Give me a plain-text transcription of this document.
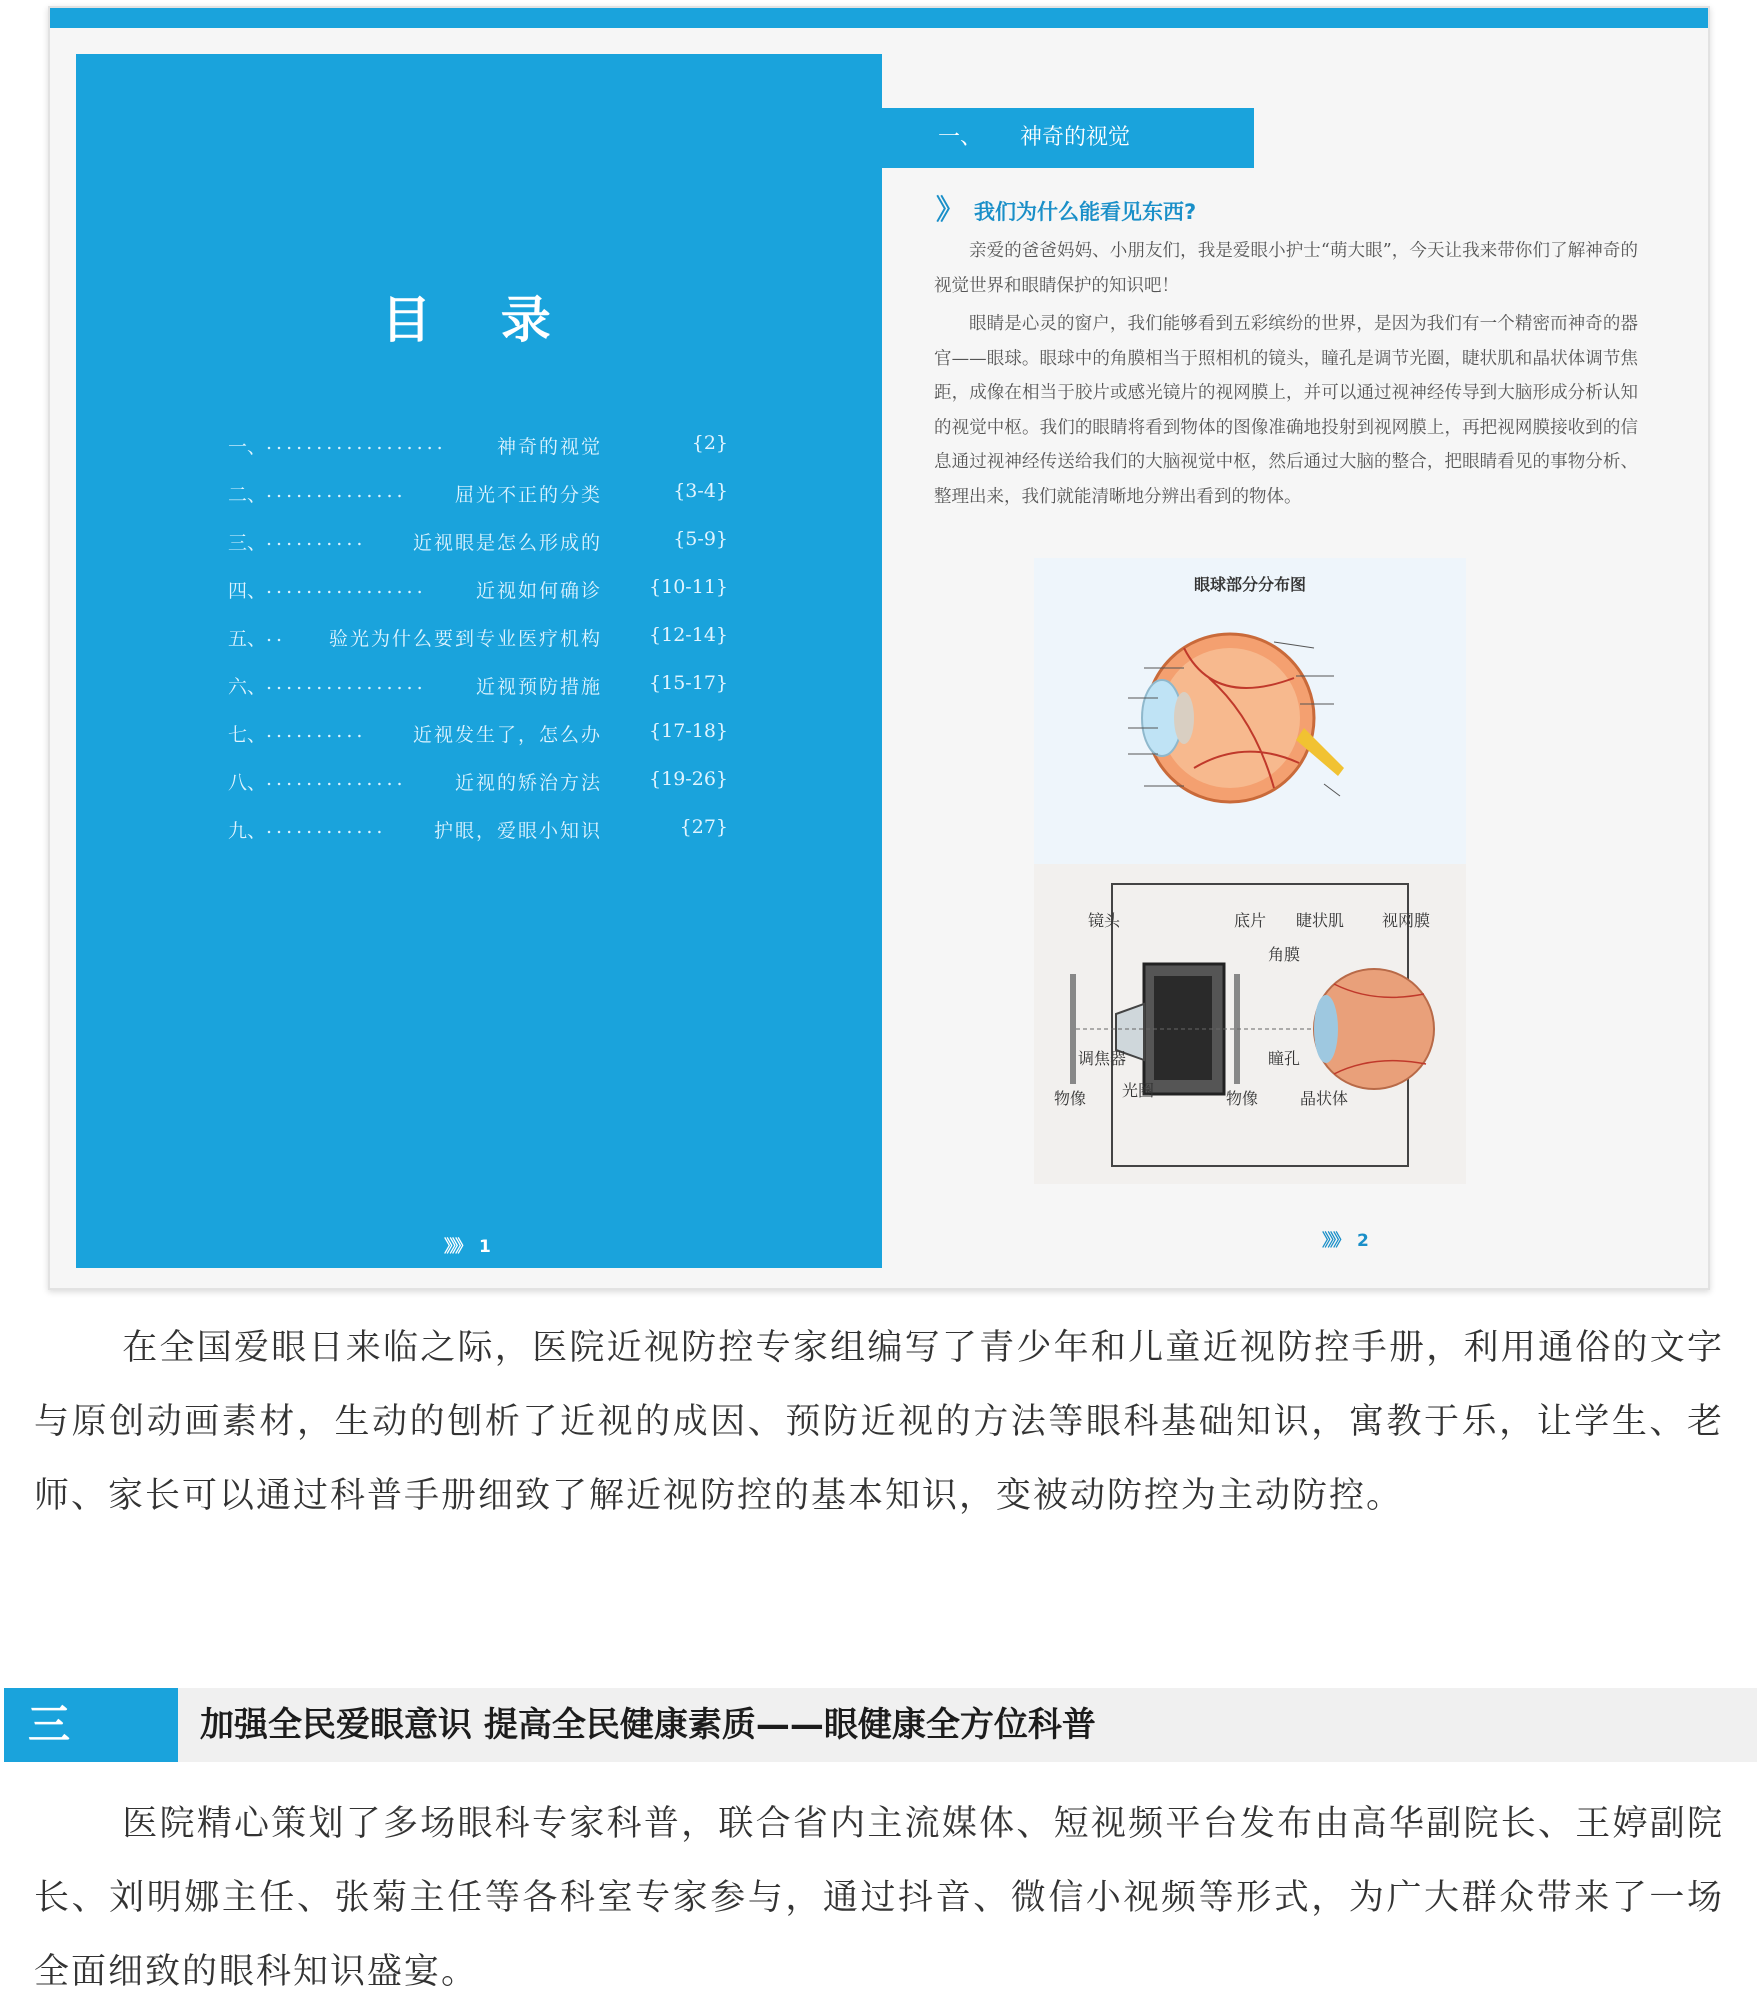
目 录
一、 ..................	神奇的视觉	{2}
二、 ..............	屈光不正的分类	{3-4}
三、 .......... 近视眼是怎么形成的	{5-9}
四、 ................	近视如何确诊 {10-11}
五、 .. 验光为什么要到专业医疗机构 {12-14}
六、 ................	近视预防措施 {15-17}
七、 .......... 近视发生了，怎么办 {17-18}
八、 ..............	近视的矫治方法 {19-26}
九、 ............	护眼，爱眼小知识	{27}
》》》 1
一、 神奇的视觉
》 我们为什么能看见东西?

亲爱的爸爸妈妈、小朋友们，我是爱眼小护士“萌大眼”，今天让我来带你们了解神奇的视觉世界和眼睛保护的知识吧！

眼睛是心灵的窗户，我们能够看到五彩缤纷的世界，是因为我们有一个精密而神奇的器官——眼球。眼球中的角膜相当于照相机的镜头，瞳孔是调节光圈，睫状肌和晶状体调节焦距，成像在相当于胶片或感光镜片的视网膜上，并可以通过视神经传导到大脑形成分析认知的视觉中枢。我们的眼睛将看到物体的图像准确地投射到视网膜上，再把视网膜接收到的信息通过视神经传送给我们的大脑视觉中枢，然后通过大脑的整合，把眼睛看见的事物分析、整理出来，我们就能清晰地分辨出看到的物体。

眼球部分分布图
镜头	底片 睫状肌 视网膜
角膜
调焦器
光圈
瞳孔
物像	物像	晶状体
》》》 2

在全国爱眼日来临之际，医院近视防控专家组编写了青少年和儿童近视防控手册，利用通俗的文字与原创动画素材，生动的刨析了近视的成因、预防近视的方法等眼科基础知识，寓教于乐，让学生、老师、家长可以通过科普手册细致了解近视防控的基本知识，变被动防控为主动防控。

三	加强全民爱眼意识 提高全民健康素质——眼健康全方位科普

医院精心策划了多场眼科专家科普，联合省内主流媒体、短视频平台发布由高华副院长、王婷副院长、刘明娜主任、张菊主任等各科室专家参与，通过抖音、微信小视频等形式，为广大群众带来了一场全面细致的眼科知识盛宴。
